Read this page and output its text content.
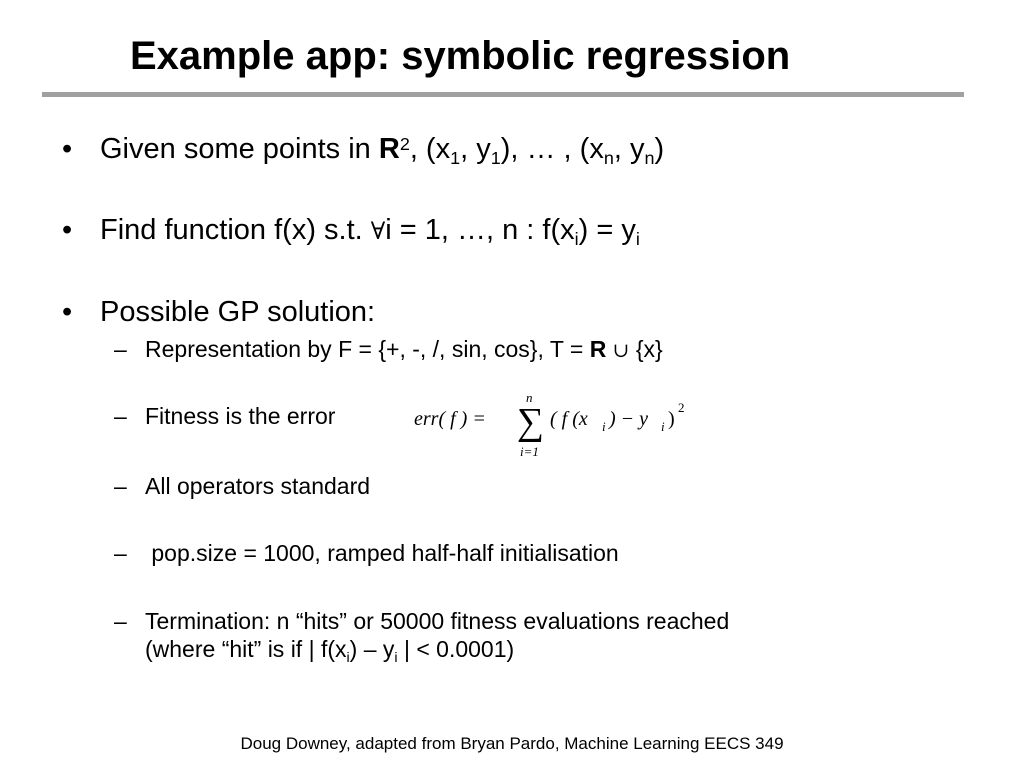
Example app: symbolic regression
• Given some points in $R^2$, ($x_1$, $y_1$), … , ($x_n$, $y_n$)
• Find function f(x) s.t. ∀i = 1, …, n : $f(x_i) = y_i$
• Possible GP solution:
– Representation by F = {+, -, /, sin, cos}, T = R ∪ {x}
– Fitness is the error	err( f ) = ∑
n
i=1
( f (x i ) − y i )
2
– All operators standard
– pop.size = 1000, ramped half-half initialisation
– Termination: n “hits” or 50000 fitness evaluations reached
(where “hit” is if | $f(x_i) - y_i$ | < 0.0001)
Doug Downey, adapted from Bryan Pardo, Machine Learning EECS 349
